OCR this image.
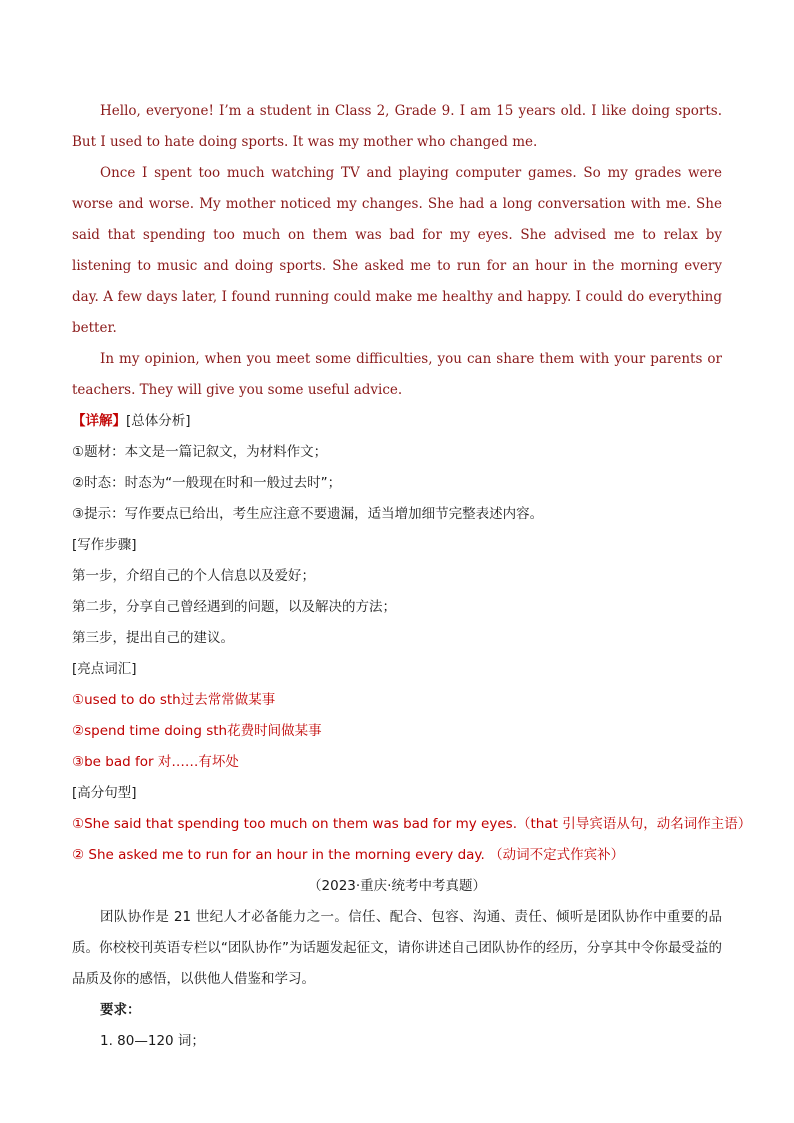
Hello, everyone! I’m a student in Class 2, Grade 9. I am 15 years old. I like doing sports. But I used to hate doing sports. It was my mother who changed me.

Once I spent too much watching TV and playing computer games. So my grades were worse and worse. My mother noticed my changes. She had a long conversation with me. She said that spending too much on them was bad for my eyes. She advised me to relax by listening to music and doing sports. She asked me to run for an hour in the morning every day. A few days later, I found running could make me healthy and happy. I could do everything better.

In my opinion, when you meet some difficulties, you can share them with your parents or teachers. They will give you some useful advice.

【详解】[总体分析]

①题材：本文是一篇记叙文，为材料作文；

②时态：时态为“一般现在时和一般过去时”；

③提示：写作要点已给出，考生应注意不要遗漏，适当增加细节完整表述内容。

[写作步骤]

第一步，介绍自己的个人信息以及爱好；

第二步，分享自己曾经遇到的问题，以及解决的方法；

第三步，提出自己的建议。

[亮点词汇]

①used to do sth过去常常做某事

②spend time doing sth花费时间做某事

③be bad for 对……有坏处

[高分句型]

①She said that spending too much on them was bad for my eyes.（that 引导宾语从句，动名词作主语）

② She asked me to run for an hour in the morning every day. （动词不定式作宾补）

（2023·重庆·统考中考真题）

团队协作是 21 世纪人才必备能力之一。信任、配合、包容、沟通、责任、倾听是团队协作中重要的品质。你校校刊英语专栏以“团队协作”为话题发起征文，请你讲述自己团队协作的经历，分享其中令你最受益的品质及你的感悟，以供他人借鉴和学习。

要求：

1. 80—120 词；
